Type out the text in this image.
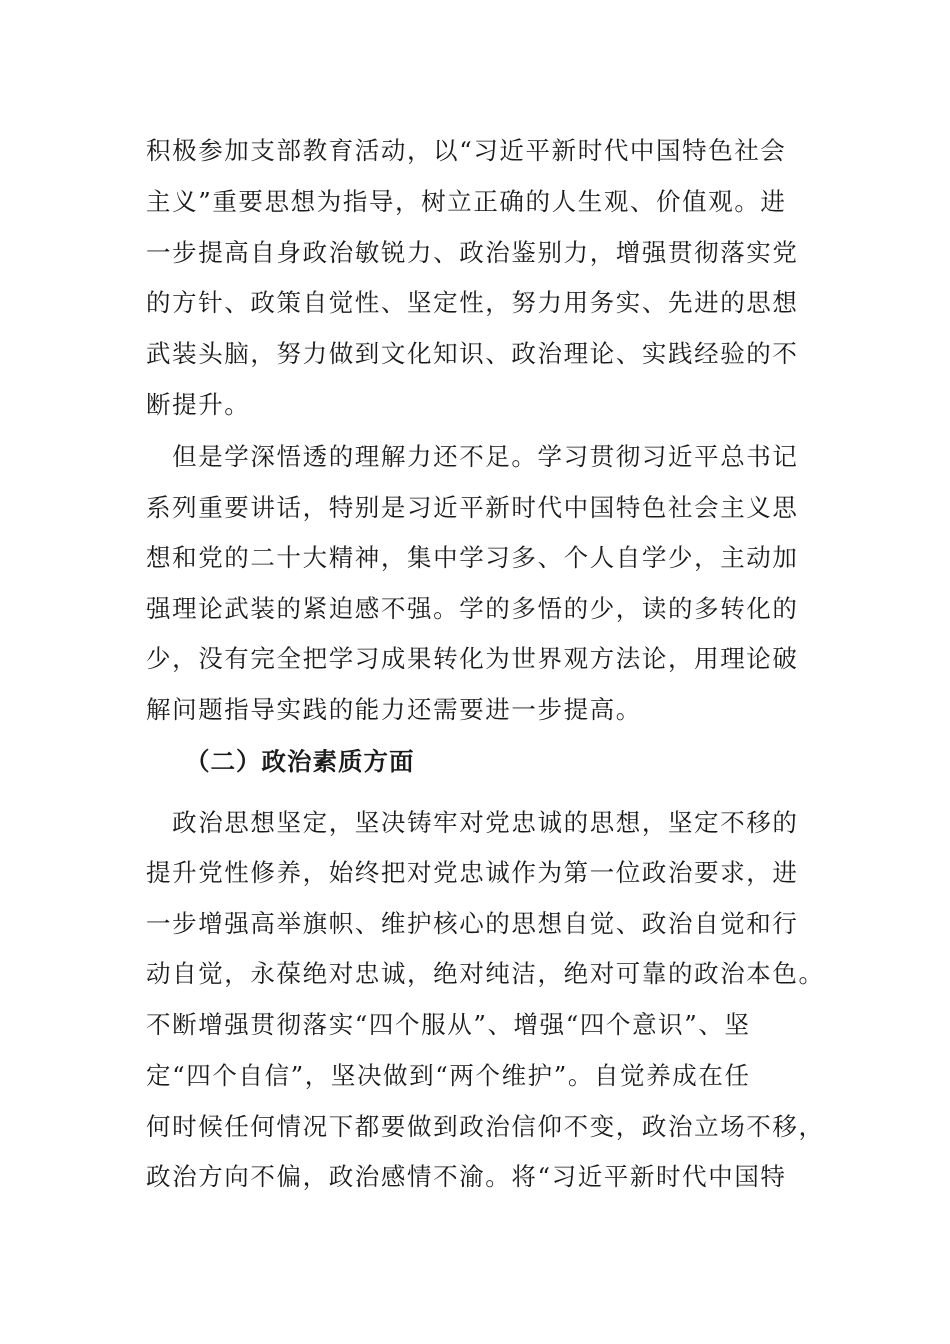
积极参加支部教育活动，以“习近平新时代中国特色社会
主义”重要思想为指导，树立正确的人生观、价值观。进
一步提高自身政治敏锐力、政治鉴别力，增强贯彻落实党
的方针、政策自觉性、坚定性，努力用务实、先进的思想
武装头脑，努力做到文化知识、政治理论、实践经验的不
断提升。
　但是学深悟透的理解力还不足。学习贯彻习近平总书记
系列重要讲话，特别是习近平新时代中国特色社会主义思
想和党的二十大精神，集中学习多、个人自学少，主动加
强理论武装的紧迫感不强。学的多悟的少，读的多转化的
少，没有完全把学习成果转化为世界观方法论，用理论破
解问题指导实践的能力还需要进一步提高。
（二）政治素质方面
　政治思想坚定，坚决铸牢对党忠诚的思想，坚定不移的
提升党性修养，始终把对党忠诚作为第一位政治要求，进
一步增强高举旗帜、维护核心的思想自觉、政治自觉和行
动自觉，永葆绝对忠诚，绝对纯洁，绝对可靠的政治本色。
不断增强贯彻落实“四个服从”、增强“四个意识”、坚
定“四个自信”，坚决做到“两个维护”。自觉养成在任
何时候任何情况下都要做到政治信仰不变，政治立场不移，
政治方向不偏，政治感情不渝。将“习近平新时代中国特
